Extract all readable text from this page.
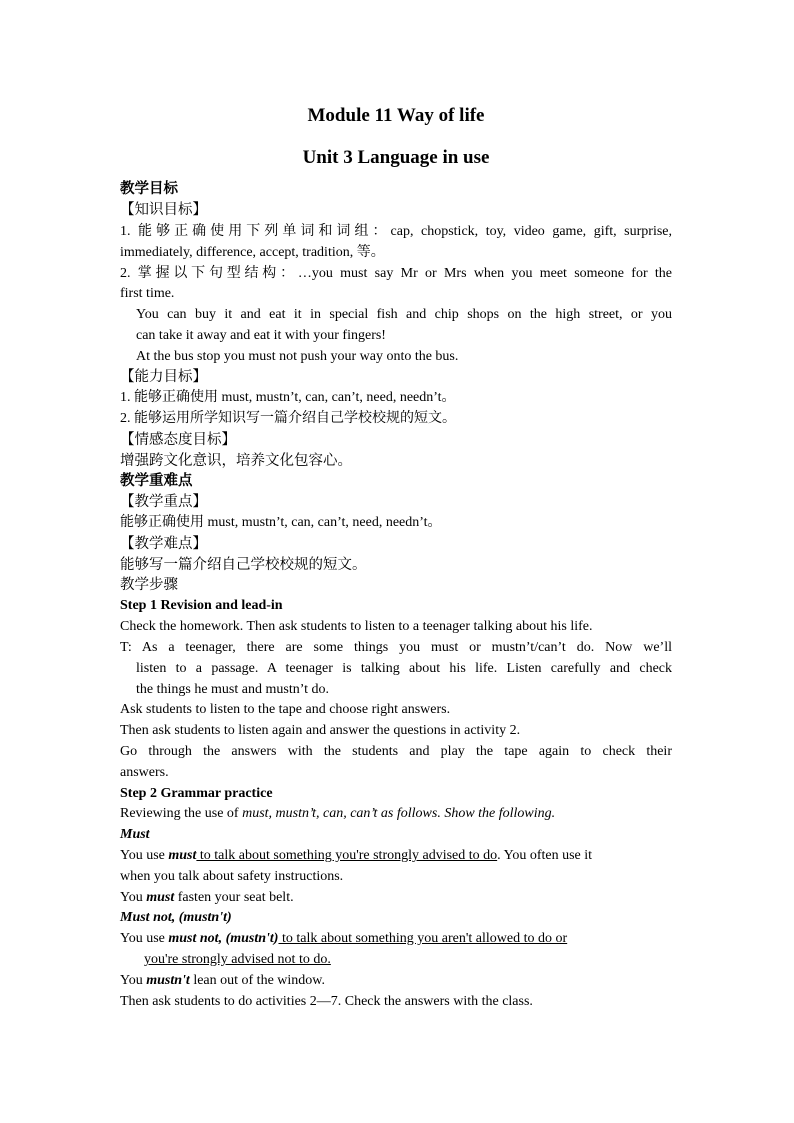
Module 11 Way of life
Unit 3 Language in use
教学目标
【知识目标】
1. 能够正确使用下列单词和词组：cap, chopstick, toy, video game, gift, surprise,
immediately, difference, accept, tradition, 等。
2. 掌握以下句型结构：…you must say Mr or Mrs when you meet someone for the
first time.
You can buy it and eat it in special fish and chip shops on the high street, or you
can take it away and eat it with your fingers!
At the bus stop you must not push your way onto the bus.
【能力目标】
1. 能够正确使用 must, mustn’t, can, can’t, need, needn’t。
2. 能够运用所学知识写一篇介绍自己学校校规的短文。
【情感态度目标】
增强跨文化意识，培养文化包容心。
教学重难点
【教学重点】
能够正确使用 must, mustn’t, can, can’t, need, needn’t。
【教学难点】
能够写一篇介绍自己学校校规的短文。
教学步骤
Step 1 Revision and lead-in
Check the homework. Then ask students to listen to a teenager talking about his life.
T: As a teenager, there are some things you must or mustn’t/can’t do. Now we’ll
listen to a passage. A teenager is talking about his life. Listen carefully and check
the things he must and mustn’t do.
Ask students to listen to the tape and choose right answers.
Then ask students to listen again and answer the questions in activity 2.
Go through the answers with the students and play the tape again to check their
answers.
Step 2 Grammar practice
Reviewing the use of must, mustn’t, can, can’t as follows. Show the following.
Must
You use must to talk about something you're strongly advised to do. You often use it
when you talk about safety instructions.
You must fasten your seat belt.
Must not, (mustn't)
You use must not, (mustn't) to talk about something you aren't allowed to do or
you're strongly advised not to do.
You mustn't lean out of the window.
Then ask students to do activities 2—7. Check the answers with the class.
